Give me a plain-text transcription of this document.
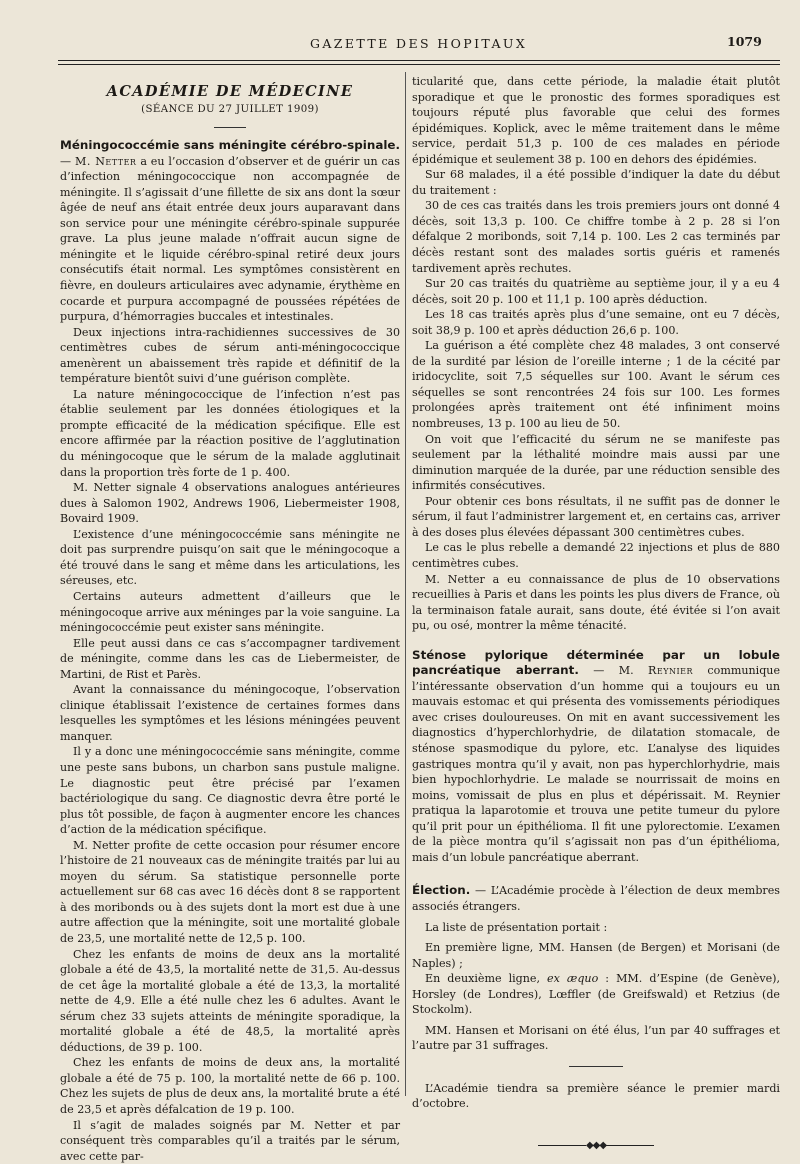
GAZETTE DES HOPITAUX	1079

ACADÉMIE DE MÉDECINE

(SÉANCE DU 27 JUILLET 1909)

Méningococcémie sans méningite cérébro-spinale. — M. Netter a eu l’occasion d’observer et de guérir un cas d’infection méningococcique non accompagnée de méningite. Il s’agissait d’une fillette de six ans dont la sœur âgée de neuf ans était entrée deux jours auparavant dans son service pour une méningite cérébro-spinale suppurée grave. La plus jeune malade n’offrait aucun signe de méningite et le liquide cérébro-spinal retiré deux jours consécutifs était normal. Les symptômes consistèrent en fièvre, en douleurs articulaires avec adynamie, érythème en cocarde et purpura accompagné de poussées répétées de purpura, d’hémorragies buccales et intestinales.

Deux injections intra-rachidiennes successives de 30 centimètres cubes de sérum anti-méningococcique amenèrent un abaissement très rapide et définitif de la température bientôt suivi d’une guérison complète.

La nature méningococcique de l’infection n’est pas établie seulement par les données étiologiques et la prompte efficacité de la médication spécifique. Elle est encore affirmée par la réaction positive de l’agglutination du méningocoque que le sérum de la malade agglutinait dans la proportion très forte de 1 p. 400.

M. Netter signale 4 observations analogues antérieures dues à Salomon 1902, Andrews 1906, Liebermeister 1908, Bovaird 1909.

L’existence d’une méningococcémie sans méningite ne doit pas surprendre puisqu’on sait que le méningocoque a été trouvé dans le sang et même dans les articulations, les séreuses, etc.

Certains auteurs admettent d’ailleurs que le méningocoque arrive aux méninges par la voie sanguine. La méningococcémie peut exister sans méningite.

Elle peut aussi dans ce cas s’accompagner tardivement de méningite, comme dans les cas de Liebermeister, de Martini, de Rist et Parès.

Avant la connaissance du méningocoque, l’observation clinique établissait l’existence de certaines formes dans lesquelles les symptômes et les lésions méningées peuvent manquer.

Il y a donc une méningococcémie sans méningite, comme une peste sans bubons, un charbon sans pustule maligne. Le diagnostic peut être précisé par l’examen bactériologique du sang. Ce diagnostic devra être porté le plus tôt possible, de façon à augmenter encore les chances d’action de la médication spécifique.

M. Netter profite de cette occasion pour résumer encore l’histoire de 21 nouveaux cas de méningite traités par lui au moyen du sérum. Sa statistique personnelle porte actuellement sur 68 cas avec 16 décès dont 8 se rapportent à des moribonds ou à des sujets dont la mort est due à une autre affection que la méningite, soit une mortalité globale de 23,5, une mortalité nette de 12,5 p. 100.

Chez les enfants de moins de deux ans la mortalité globale a été de 43,5, la mortalité nette de 31,5. Au-dessus de cet âge la mortalité globale a été de 13,3, la mortalité nette de 4,9. Elle a été nulle chez les 6 adultes. Avant le sérum chez 33 sujets atteints de méningite sporadique, la mortalité globale a été de 48,5, la mortalité après déductions, de 39 p. 100.

Chez les enfants de moins de deux ans, la mortalité globale a été de 75 p. 100, la mortalité nette de 66 p. 100. Chez les sujets de plus de deux ans, la mortalité brute a été de 23,5 et après défalcation de 19 p. 100.

Il s’agit de malades soignés par M. Netter et par conséquent très comparables qu’il a traités par le sérum, avec cette par-

ticularité que, dans cette période, la maladie était plutôt sporadique et que le pronostic des formes sporadiques est toujours réputé plus favorable que celui des formes épidémiques. Koplick, avec le même traitement dans le même service, perdait 51,3 p. 100 de ces malades en période épidémique et seulement 38 p. 100 en dehors des épidémies.

Sur 68 malades, il a été possible d’indiquer la date du début du traitement :

30 de ces cas traités dans les trois premiers jours ont donné 4 décès, soit 13,3 p. 100. Ce chiffre tombe à 2 p. 28 si l’on défalque 2 moribonds, soit 7,14 p. 100. Les 2 cas terminés par décès restant sont des malades sortis guéris et ramenés tardivement après rechutes.

Sur 20 cas traités du quatrième au septième jour, il y a eu 4 décès, soit 20 p. 100 et 11,1 p. 100 après déduction.

Les 18 cas traités après plus d’une semaine, ont eu 7 décès, soit 38,9 p. 100 et après déduction 26,6 p. 100.

La guérison a été complète chez 48 malades, 3 ont conservé de la surdité par lésion de l’oreille interne ; 1 de la cécité par iridocyclite, soit 7,5 séquelles sur 100. Avant le sérum ces séquelles se sont rencontrées 24 fois sur 100. Les formes prolongées après traitement ont été infiniment moins nombreuses, 13 p. 100 au lieu de 50.

On voit que l’efficacité du sérum ne se manifeste pas seulement par la léthalité moindre mais aussi par une diminution marquée de la durée, par une réduction sensible des infirmités consécutives.

Pour obtenir ces bons résultats, il ne suffit pas de donner le sérum, il faut l’administrer largement et, en certains cas, arriver à des doses plus élevées dépassant 300 centimètres cubes.

Le cas le plus rebelle a demandé 22 injections et plus de 880 centimètres cubes.

M. Netter a eu connaissance de plus de 10 observations recueillies à Paris et dans les points les plus divers de France, où la terminaison fatale aurait, sans doute, été évitée si l’on avait pu, ou osé, montrer la même ténacité.

Sténose pylorique déterminée par un lobule pancréatique aberrant. — M. Reynier communique l’intéressante observation d’un homme qui a toujours eu un mauvais estomac et qui présenta des vomissements périodiques avec crises douloureuses. On mit en avant successivement les diagnostics d’hyperchlorhydrie, de dilatation stomacale, de sténose spasmodique du pylore, etc. L’analyse des liquides gastriques montra qu’il y avait, non pas hyperchlorhydrie, mais bien hypochlorhydrie. Le malade se nourrissait de moins en moins, vomissait de plus en plus et dépérissait. M. Reynier pratiqua la laparotomie et trouva une petite tumeur du pylore qu’il prit pour un épithélioma. Il fit une pylorectomie. L’examen de la pièce montra qu’il s’agissait non pas d’un épithélioma, mais d’un lobule pancréatique aberrant.

Élection. — L’Académie procède à l’élection de deux membres associés étrangers.

La liste de présentation portait :

En première ligne, MM. Hansen (de Bergen) et Morisani (de Naples) ;

En deuxième ligne, ex æquo : MM. d’Espine (de Genève), Horsley (de Londres), Lœffler (de Greifswald) et Retzius (de Stockolm).

MM. Hansen et Morisani on été élus, l’un par 40 suffrages et l’autre par 31 suffrages.

L’Académie tiendra sa première séance le premier mardi d’octobre.

◆◆◆
